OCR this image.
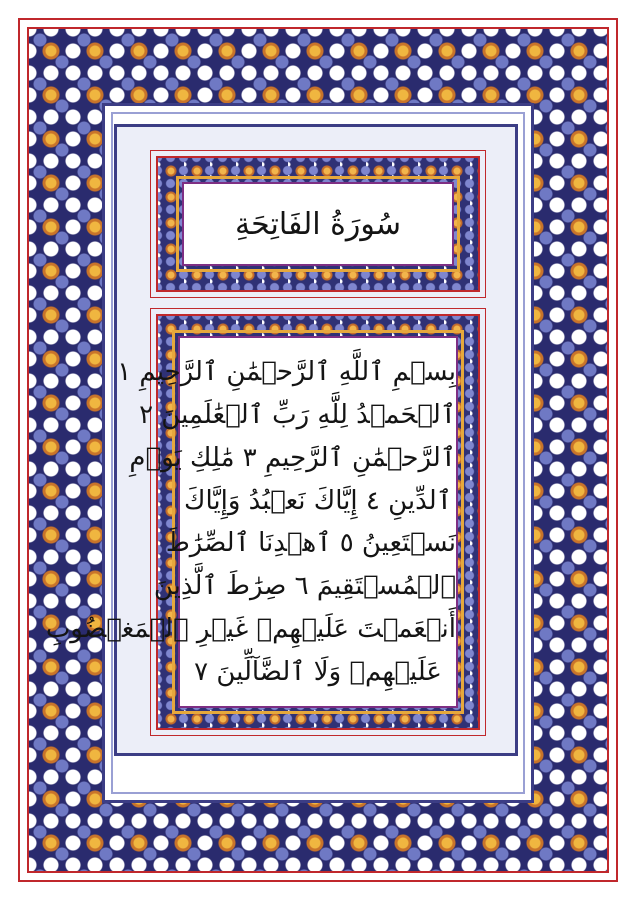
سُورَةُ الفَاتِحَةِ
بِسۡمِ ٱللَّهِ ٱلرَّحۡمَٰنِ ٱلرَّحِيمِ ١
ٱلۡحَمۡدُ لِلَّهِ رَبِّ ٱلۡعَٰلَمِينَ ٢
ٱلرَّحۡمَٰنِ ٱلرَّحِيمِ ٣ مَٰلِكِ يَوۡمِ
ٱلدِّينِ ٤ إِيَّاكَ نَعۡبُدُ وَإِيَّاكَ
نَسۡتَعِينُ ٥ ٱهۡدِنَا ٱلصِّرَٰطَ
ٱلۡمُسۡتَقِيمَ ٦ صِرَٰطَ ٱلَّذِينَ
أَنۡعَمۡتَ عَلَيۡهِمۡ غَيۡرِ ٱلۡمَغۡضُوبِ
عَلَيۡهِمۡ وَلَا ٱلضَّآلِّينَ ٧
